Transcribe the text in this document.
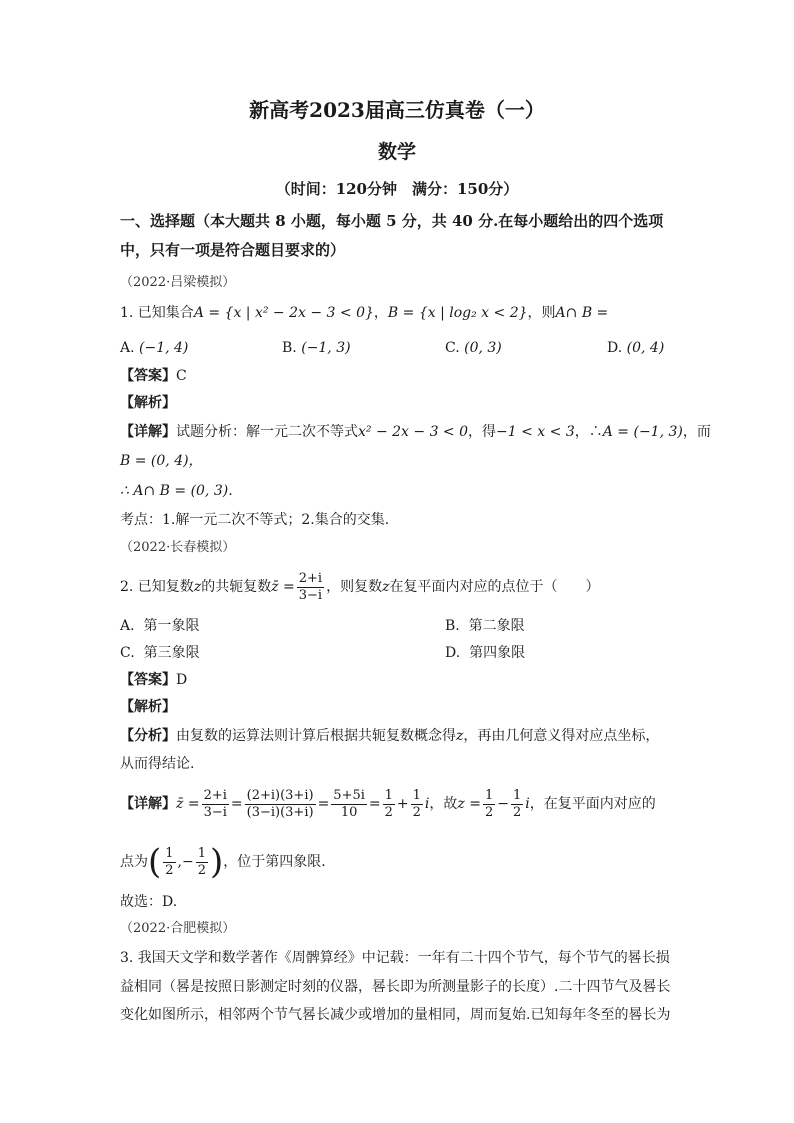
新高考2023届高三仿真卷（一）
数学
（时间：120分钟　满分：150分）
一、选择题（本大题共 8 小题，每小题 5 分，共 40 分.在每小题给出的四个选项
中，只有一项是符合题目要求的）
（2022·吕梁模拟）
1. 已知集合A = {x | x² − 2x − 3 < 0}，B = {x | log₂ x < 2}，则A∩ B =
A. (−1, 4)	B. (−1, 3)	C. (0, 3)	D. (0, 4)
【答案】C
【解析】
【详解】试题分析：解一元二次不等式x² − 2x − 3 < 0，得−1 < x < 3，∴A = (−1, 3)，而
B = (0, 4)，
∴ A∩ B = (0, 3).
考点：1.解一元二次不等式；2.集合的交集.
（2022·长春模拟）
2. 已知复数z的共轭复数z̄ = $\frac{2+i}{3-i}$ ，则复数z在复平面内对应的点位于（　　）
A. 第一象限	B. 第二象限
C. 第三象限	D. 第四象限
【答案】D
【解析】
【分析】由复数的运算法则计算后根据共轭复数概念得z，再由几何意义得对应点坐标，
从而得结论.
【详解】z̄ = $\frac{2+i}{3-i} = \frac{(2+i)(3+i)}{(3-i)(3+i)} = \frac{5+5i}{10} = \frac{1}{2} + \frac{1}{2}$ i，故$z = \frac{1}{2} - \frac{1}{2}$ i，在复平面内对应的
点为( $\frac{1}{2}$ ,− $\frac{1}{2}$ )，位于第四象限.
故选：D.
（2022·合肥模拟）
3. 我国天文学和数学著作《周髀算经》中记载：一年有二十四个节气，每个节气的晷长损
益相同（晷是按照日影测定时刻的仪器，晷长即为所测量影子的长度）.二十四节气及晷长
变化如图所示，相邻两个节气晷长减少或增加的量相同，周而复始.已知每年冬至的晷长为
